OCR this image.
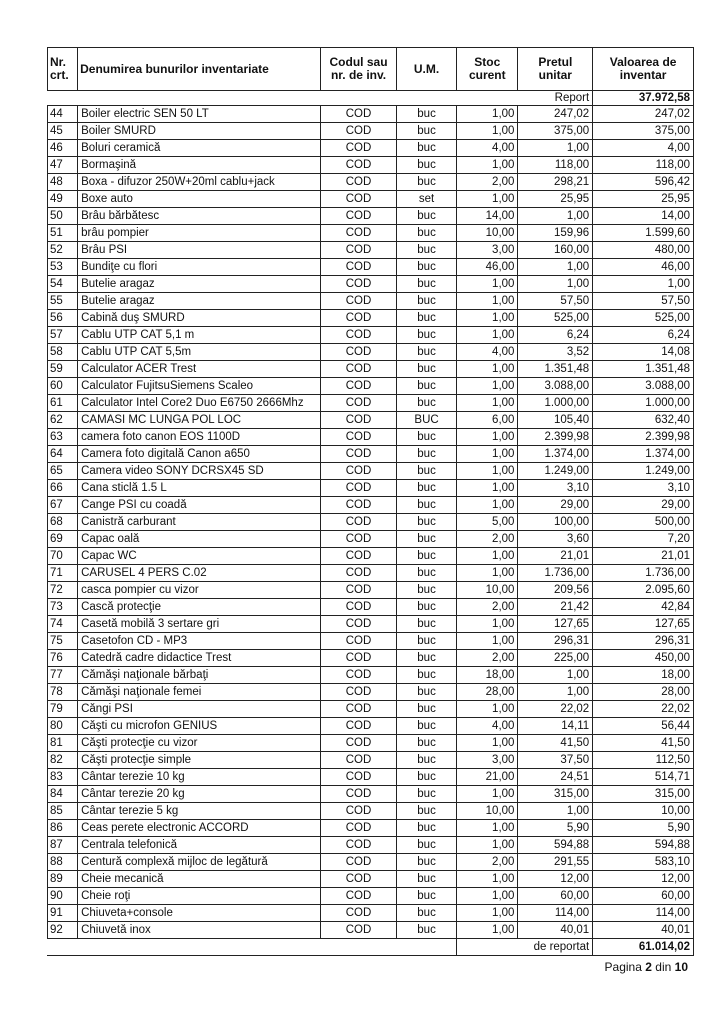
Nr. crt.	Denumirea bunurilor inventariate	Codul sau nr. de inv.	U.M.	Stoc curent	Pretul unitar	Valoarea de inventar
				Report		37.972,58
44	Boiler electric SEN 50 LT	COD	buc	1,00	247,02	247,02
45	Boiler SMURD	COD	buc	1,00	375,00	375,00
46	Boluri ceramică	COD	buc	4,00	1,00	4,00
47	Bormaşină	COD	buc	1,00	118,00	118,00
48	Boxa - difuzor 250W+20ml cablu+jack	COD	buc	2,00	298,21	596,42
49	Boxe auto	COD	set	1,00	25,95	25,95
50	Brâu bărbătesc	COD	buc	14,00	1,00	14,00
51	brâu pompier	COD	buc	10,00	159,96	1.599,60
52	Brâu PSI	COD	buc	3,00	160,00	480,00
53	Bundiţe cu flori	COD	buc	46,00	1,00	46,00
54	Butelie aragaz	COD	buc	1,00	1,00	1,00
55	Butelie aragaz	COD	buc	1,00	57,50	57,50
56	Cabină duş SMURD	COD	buc	1,00	525,00	525,00
57	Cablu UTP CAT 5,1 m	COD	buc	1,00	6,24	6,24
58	Cablu UTP CAT 5,5m	COD	buc	4,00	3,52	14,08
59	Calculator ACER Trest	COD	buc	1,00	1.351,48	1.351,48
60	Calculator FujitsuSiemens Scaleo	COD	buc	1,00	3.088,00	3.088,00
61	Calculator Intel Core2 Duo E6750 2666Mhz	COD	buc	1,00	1.000,00	1.000,00
62	CAMASI MC LUNGA POL LOC	COD	BUC	6,00	105,40	632,40
63	camera foto canon EOS 1100D	COD	buc	1,00	2.399,98	2.399,98
64	Camera foto digitală Canon a650	COD	buc	1,00	1.374,00	1.374,00
65	Camera video SONY DCRSX45 SD	COD	buc	1,00	1.249,00	1.249,00
66	Cana sticlă 1.5 L	COD	buc	1,00	3,10	3,10
67	Cange PSI cu coadă	COD	buc	1,00	29,00	29,00
68	Canistră carburant	COD	buc	5,00	100,00	500,00
69	Capac oală	COD	buc	2,00	3,60	7,20
70	Capac WC	COD	buc	1,00	21,01	21,01
71	CARUSEL 4 PERS C.02	COD	buc	1,00	1.736,00	1.736,00
72	casca pompier cu vizor	COD	buc	10,00	209,56	2.095,60
73	Cască protecţie	COD	buc	2,00	21,42	42,84
74	Casetă mobilă 3 sertare gri	COD	buc	1,00	127,65	127,65
75	Casetofon CD - MP3	COD	buc	1,00	296,31	296,31
76	Catedră cadre didactice Trest	COD	buc	2,00	225,00	450,00
77	Cămăşi naţionale bărbaţi	COD	buc	18,00	1,00	18,00
78	Cămăşi naţionale femei	COD	buc	28,00	1,00	28,00
79	Căngi PSI	COD	buc	1,00	22,02	22,02
80	Căşti cu microfon GENIUS	COD	buc	4,00	14,11	56,44
81	Căşti protecţie cu vizor	COD	buc	1,00	41,50	41,50
82	Căşti protecţie simple	COD	buc	3,00	37,50	112,50
83	Cântar terezie 10 kg	COD	buc	21,00	24,51	514,71
84	Cântar terezie 20 kg	COD	buc	1,00	315,00	315,00
85	Cântar terezie 5 kg	COD	buc	10,00	1,00	10,00
86	Ceas perete electronic ACCORD	COD	buc	1,00	5,90	5,90
87	Centrala telefonică	COD	buc	1,00	594,88	594,88
88	Centură complexă mijloc de legătură	COD	buc	2,00	291,55	583,10
89	Cheie mecanică	COD	buc	1,00	12,00	12,00
90	Cheie roţi	COD	buc	1,00	60,00	60,00
91	Chiuveta+console	COD	buc	1,00	114,00	114,00
92	Chiuvetă inox	COD	buc	1,00	40,01	40,01
				de reportat		61.014,02
Pagina 2 din 10
